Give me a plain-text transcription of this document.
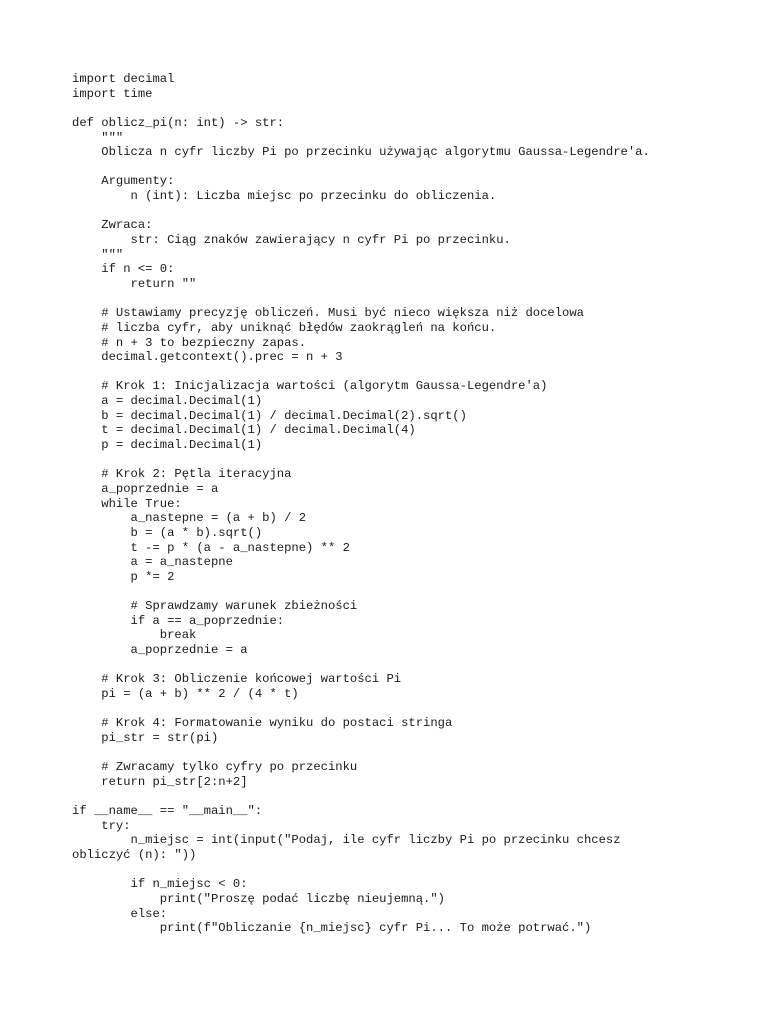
import decimal
import time
def oblicz_pi(n: int) -> str:
"""
Oblicza n cyfr liczby Pi po przecinku używając algorytmu Gaussa-Legendre'a.
Argumenty:
n (int): Liczba miejsc po przecinku do obliczenia.
Zwraca:
str: Ciąg znaków zawierający n cyfr Pi po przecinku.
"""
if n <= 0:
return ""
# Ustawiamy precyzję obliczeń. Musi być nieco większa niż docelowa
# liczba cyfr, aby uniknąć błędów zaokrągleń na końcu.
# n + 3 to bezpieczny zapas.
decimal.getcontext().prec = n + 3
# Krok 1: Inicjalizacja wartości (algorytm Gaussa-Legendre'a)
a = decimal.Decimal(1)
b = decimal.Decimal(1) / decimal.Decimal(2).sqrt()
t = decimal.Decimal(1) / decimal.Decimal(4)
p = decimal.Decimal(1)
# Krok 2: Pętla iteracyjna
a_poprzednie = a
while True:
a_nastepne = (a + b) / 2
b = (a * b).sqrt()
t -= p * (a - a_nastepne) ** 2
a = a_nastepne
p *= 2
# Sprawdzamy warunek zbieżności
if a == a_poprzednie:
break
a_poprzednie = a
# Krok 3: Obliczenie końcowej wartości Pi
pi = (a + b) ** 2 / (4 * t)
# Krok 4: Formatowanie wyniku do postaci stringa
pi_str = str(pi)
# Zwracamy tylko cyfry po przecinku
return pi_str[2:n+2]
if __name__ == "__main__":
try:
n_miejsc = int(input("Podaj, ile cyfr liczby Pi po przecinku chcesz
obliczyć (n): "))
if n_miejsc < 0:
print("Proszę podać liczbę nieujemną.")
else:
print(f"Obliczanie {n_miejsc} cyfr Pi... To może potrwać.")
